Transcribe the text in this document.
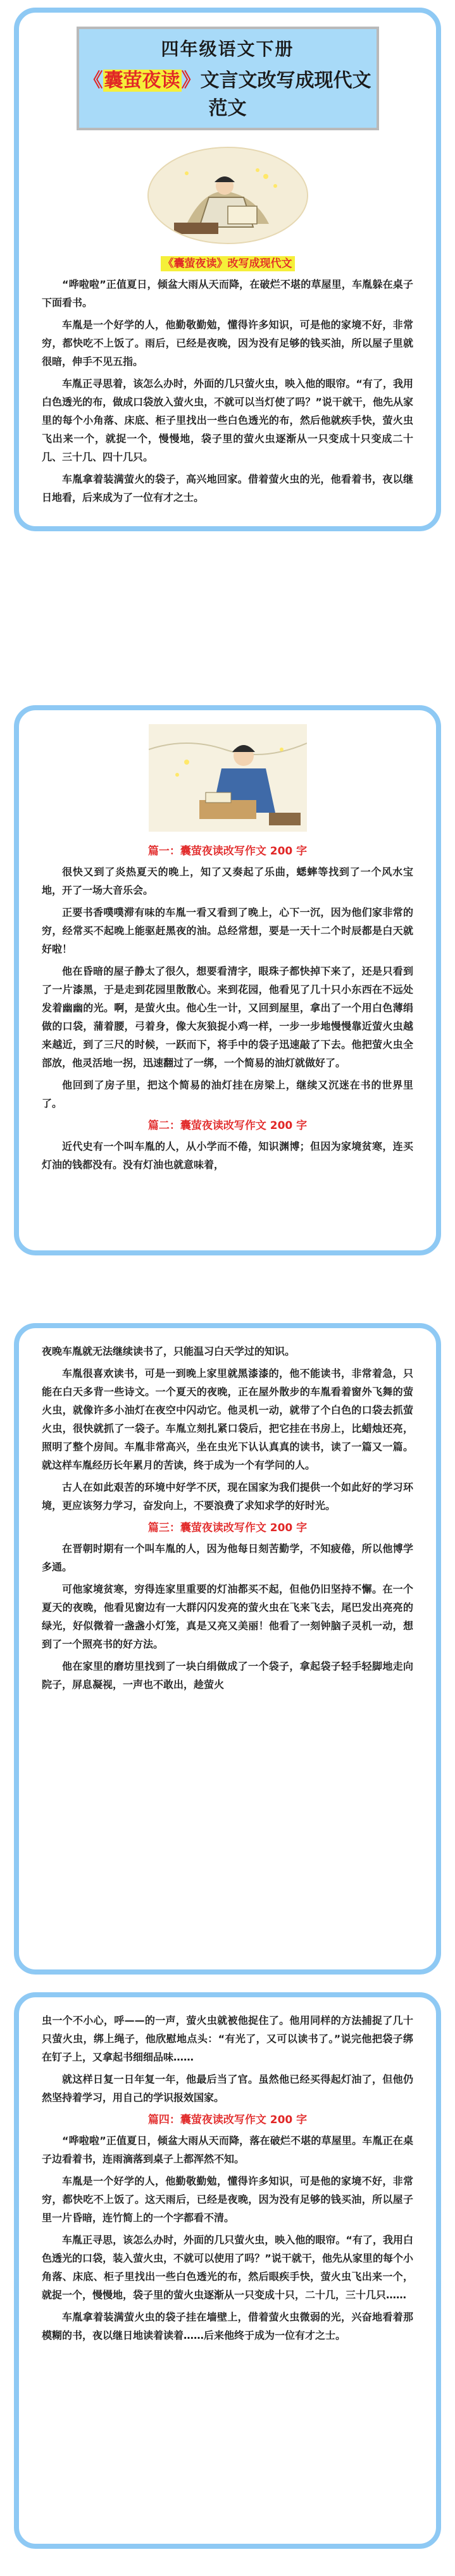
四年级语文下册
《囊萤夜读》文言文改写成现代文范文
《囊萤夜读》改写成现代文

“哗啦啦”正值夏日，倾盆大雨从天而降，在破烂不堪的草屋里，车胤躲在桌子下面看书。

车胤是一个好学的人，他勤敬勤勉，懂得许多知识，可是他的家境不好，非常穷，都快吃不上饭了。雨后，已经是夜晚，因为没有足够的钱买油，所以屋子里就很暗，伸手不见五指。

车胤正寻思着，该怎么办时，外面的几只萤火虫，映入他的眼帘。“有了，我用白色透光的布，做成口袋放入萤火虫，不就可以当灯使了吗？”说干就干，他先从家里的每个小角落、床底、柜子里找出一些白色透光的布，然后他就疾手快，萤火虫飞出来一个，就捉一个，慢慢地，袋子里的萤火虫逐渐从一只变成十只变成二十几、三十几、四十几只。

车胤拿着装满萤火的袋子，高兴地回家。借着萤火虫的光，他看着书，夜以继日地看，后来成为了一位有才之士。

篇一：囊萤夜读改写作文 200 字

很快又到了炎热夏天的晚上，知了又奏起了乐曲，蟋蟀等找到了一个风水宝地，开了一场大音乐会。

正要书香噗噗滞有味的车胤一看又看到了晚上，心下一沉，因为他们家非常的穷，经常买不起晚上能驱赶黑夜的油。总经常想，要是一天十二个时辰都是白天就好啦！

他在昏暗的屋子静太了很久，想要看清字，眼珠子都快掉下来了，还是只看到了一片漆黑，于是走到花园里散散心。来到花园，他看见了几十只小东西在不远处发着幽幽的光。啊，是萤火虫。他心生一计，又回到屋里，拿出了一个用白色薄绢做的口袋，蒲着腰，弓着身，像大灰狼捉小鸡一样，一步一步地慢慢靠近萤火虫越来越近，到了三尺的时候，一跃而下，将手中的袋子迅速敲了下去。他把萤火虫全部放，他灵活地一拐，迅速翻过了一绑，一个简易的油灯就做好了。

他回到了房子里，把这个简易的油灯挂在房梁上，继续又沉迷在书的世界里了。

篇二：囊萤夜读改写作文 200 字

近代史有一个叫车胤的人，从小学而不倦，知识渊博；但因为家境贫寒，连买灯油的钱都没有。没有灯油也就意味着，

夜晚车胤就无法继续读书了，只能温习白天学过的知识。

车胤很喜欢读书，可是一到晚上家里就黑漆漆的，他不能读书，非常着急，只能在白天多背一些诗文。一个夏天的夜晚，正在屋外散步的车胤看着窗外飞舞的萤火虫，就像许多小油灯在夜空中闪动它。他灵机一动，就带了个白色的口袋去抓萤火虫，很快就抓了一袋子。车胤立刻扎紧口袋后，把它挂在书房上，比蜡烛还亮，照明了整个房间。车胤非常高兴，坐在虫光下认认真真的读书，读了一篇又一篇。就这样车胤经历长年累月的苦读，终于成为一个有学问的人。

古人在如此艰苦的环境中好学不厌，现在国家为我们提供一个如此好的学习环境，更应该努力学习，奋发向上，不要浪费了求知求学的好时光。

篇三：囊萤夜读改写作文 200 字

在晋朝时期有一个叫车胤的人，因为他每日刻苦勤学，不知疲倦，所以他博学多通。

可他家境贫寒，穷得连家里重要的灯油都买不起，但他仍旧坚持不懈。在一个夏天的夜晚，他看见窗边有一大群闪闪发亮的萤火虫在飞来飞去，尾巴发出亮亮的绿光，好似微着一盏盏小灯笼，真是又亮又美丽！他看了一刻钟脑子灵机一动，想到了一个照亮书的好方法。

他在家里的磨坊里找到了一块白绢做成了一个袋子，拿起袋子轻手轻脚地走向院子，屏息凝视，一声也不敢出，趁萤火

虫一个不小心，呼——的一声，萤火虫就被他捉住了。他用同样的方法捕捉了几十只萤火虫，绑上绳子，他欣慰地点头：“有光了，又可以读书了。”说完他把袋子绑在钉子上，又拿起书细细品味……

就这样日复一日年复一年，他最后当了官。虽然他已经买得起灯油了，但他仍然坚持着学习，用自己的学识报效国家。

篇四：囊萤夜读改写作文 200 字

“哗啦啦”正值夏日，倾盆大雨从天而降，落在破烂不堪的草屋里。车胤正在桌子边看着书，连雨滴落到桌子上都浑然不知。

车胤是一个好学的人，他勤敬勤勉，懂得许多知识，可是他的家境不好，非常穷，都快吃不上饭了。这天雨后，已经是夜晚，因为没有足够的钱买油，所以屋子里一片昏暗，连竹简上的一个字都看不清。

车胤正寻思，该怎么办时，外面的几只萤火虫，映入他的眼帘。“有了，我用白色透光的口袋，装入萤火虫，不就可以使用了吗？”说干就干，他先从家里的每个小角落、床底、柜子里找出一些白色透光的布，然后眼疾手快，萤火虫飞出来一个，就捉一个，慢慢地，袋子里的萤火虫逐渐从一只变成十只，二十几，三十几只……

车胤拿着装满萤火虫的袋子挂在墙壁上，借着萤火虫微弱的光，兴奋地看着那模糊的书，夜以继日地读着读着……后来他终于成为一位有才之士。
